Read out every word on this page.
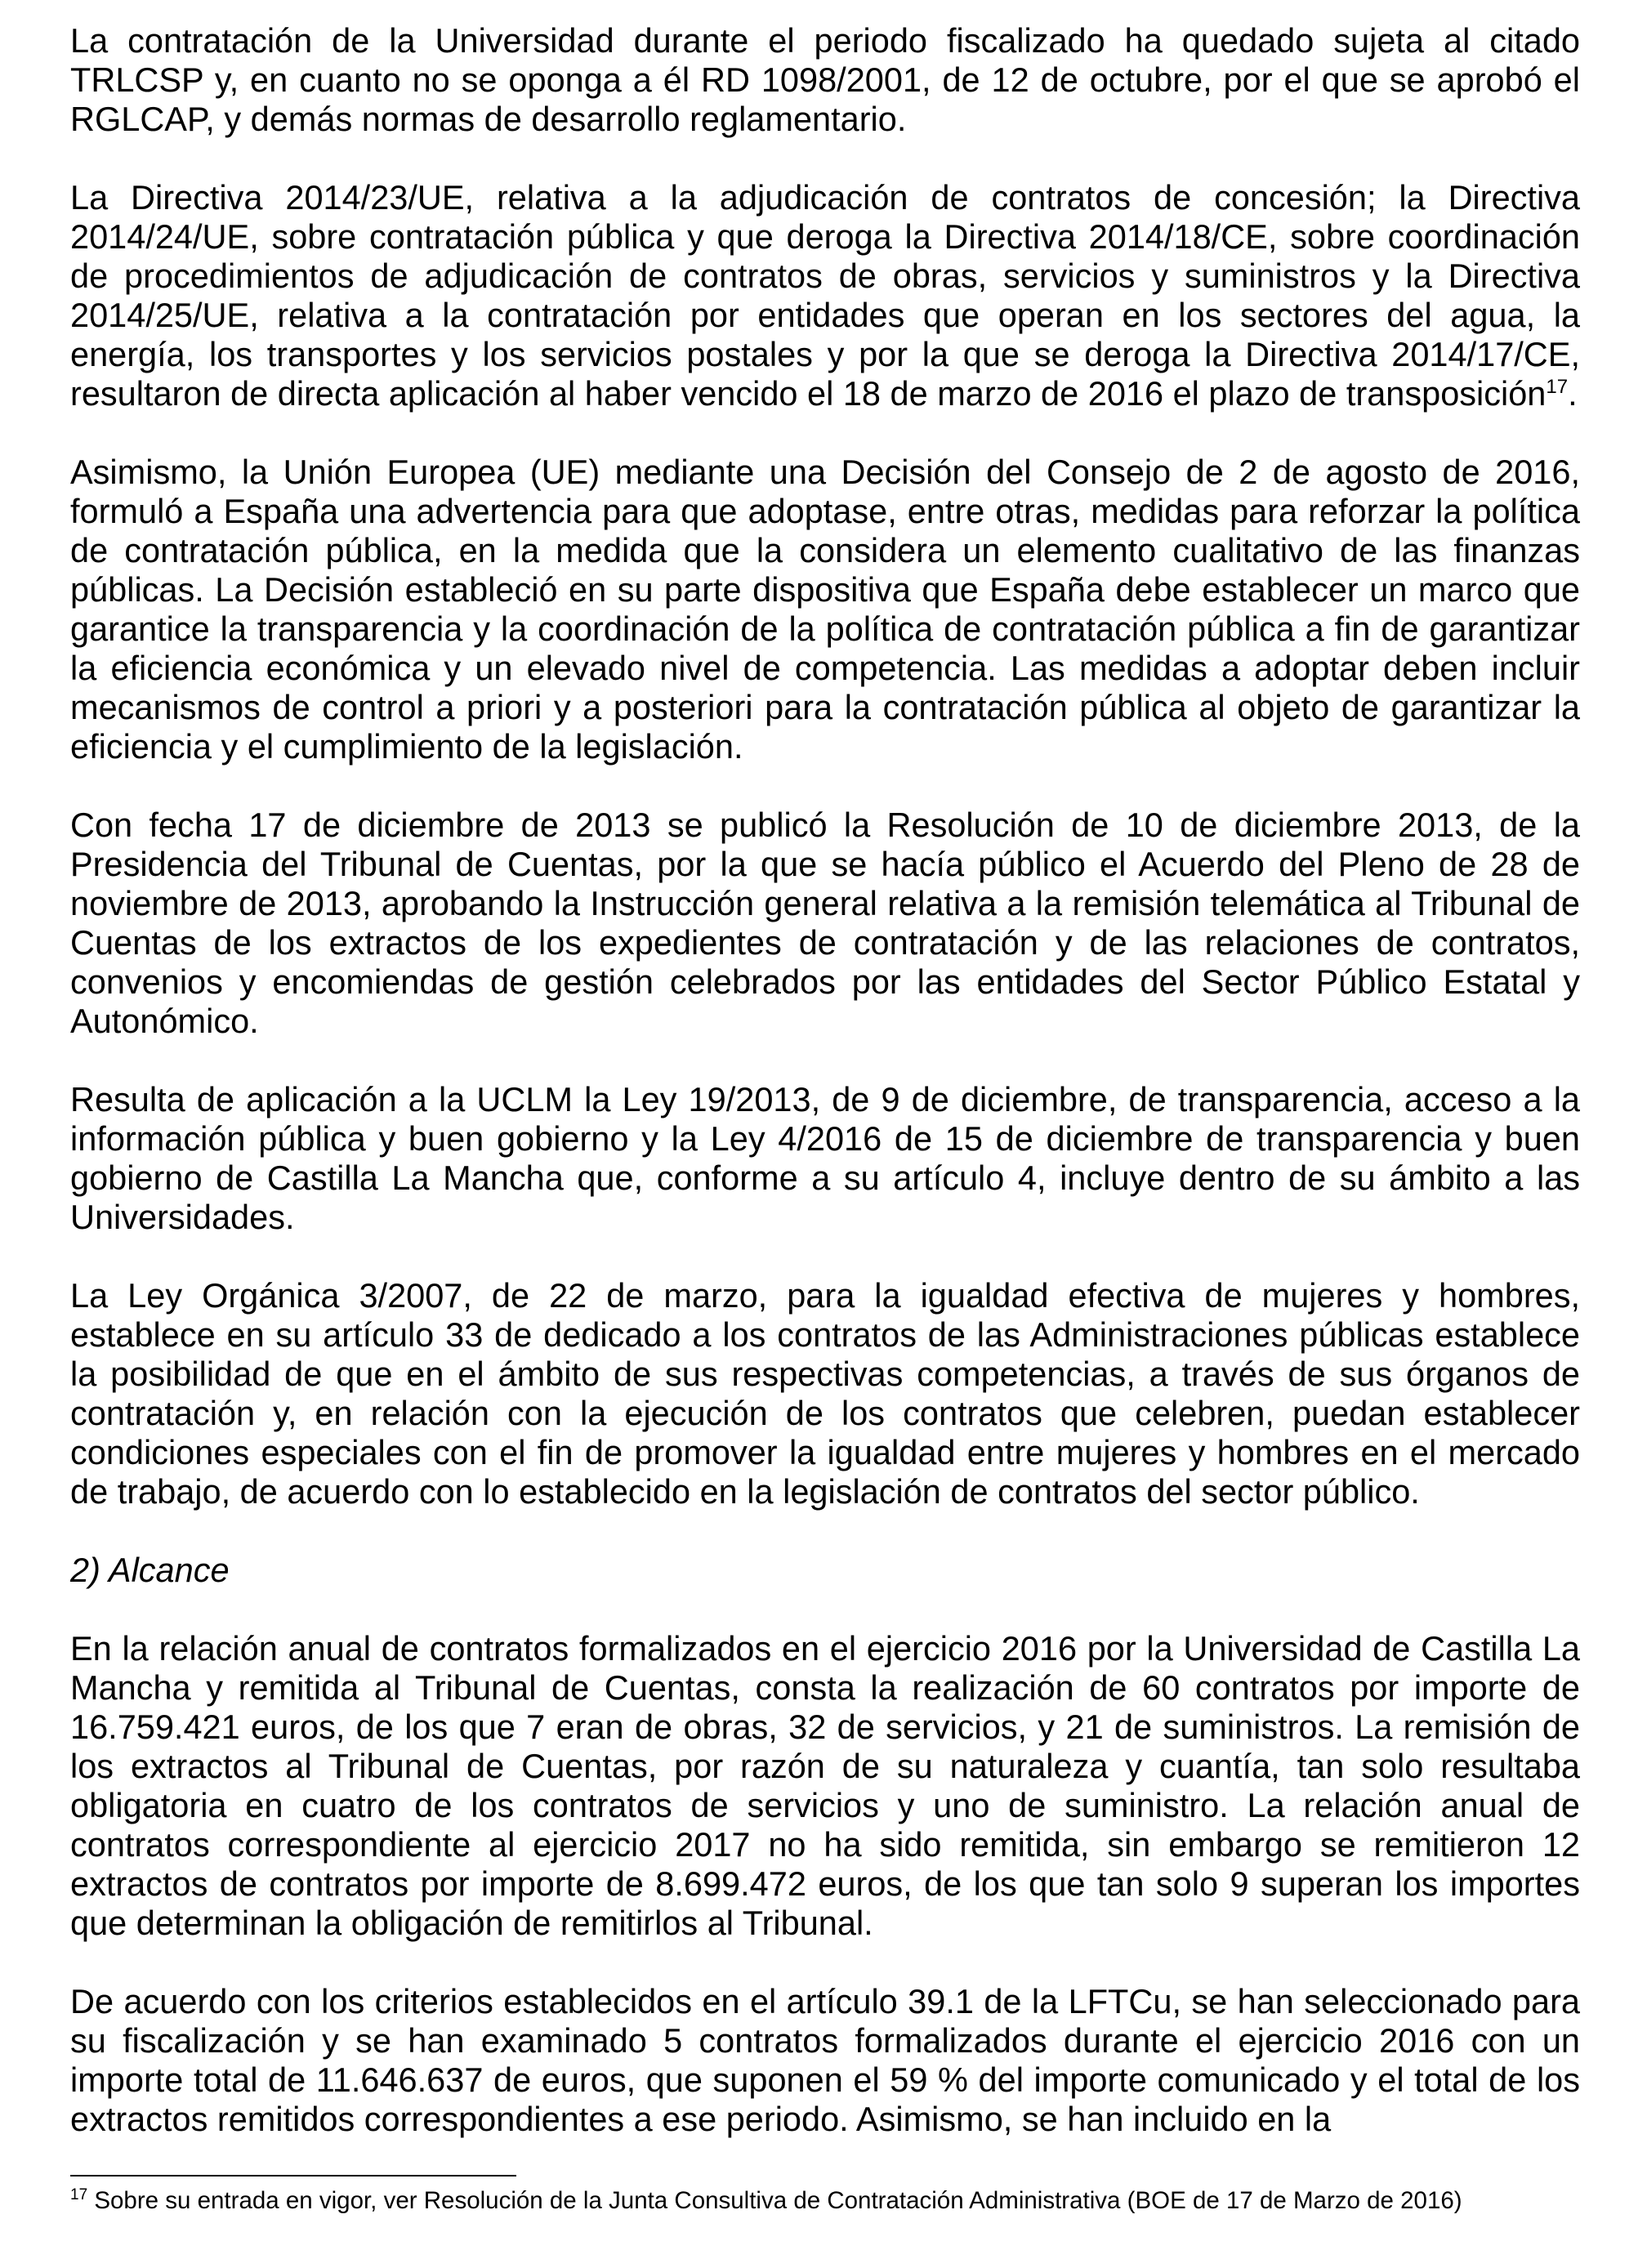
La contratación de la Universidad durante el periodo fiscalizado ha quedado sujeta al citado TRLCSP y, en cuanto no se oponga a él RD 1098/2001, de 12 de octubre, por el que se aprobó el RGLCAP, y demás normas de desarrollo reglamentario.

La Directiva 2014/23/UE, relativa a la adjudicación de contratos de concesión; la Directiva 2014/24/UE, sobre contratación pública y que deroga la Directiva 2014/18/CE, sobre coordinación de procedimientos de adjudicación de contratos de obras, servicios y suministros y la Directiva 2014/25/UE, relativa a la contratación por entidades que operan en los sectores del agua, la energía, los transportes y los servicios postales y por la que se deroga la Directiva 2014/17/CE, resultaron de directa aplicación al haber vencido el 18 de marzo de 2016 el plazo de transposición$^{17}$.

Asimismo, la Unión Europea (UE) mediante una Decisión del Consejo de 2 de agosto de 2016, formuló a España una advertencia para que adoptase, entre otras, medidas para reforzar la política de contratación pública, en la medida que la considera un elemento cualitativo de las finanzas públicas. La Decisión estableció en su parte dispositiva que España debe establecer un marco que garantice la transparencia y la coordinación de la política de contratación pública a fin de garantizar la eficiencia económica y un elevado nivel de competencia. Las medidas a adoptar deben incluir mecanismos de control a priori y a posteriori para la contratación pública al objeto de garantizar la eficiencia y el cumplimiento de la legislación.

Con fecha 17 de diciembre de 2013 se publicó la Resolución de 10 de diciembre 2013, de la Presidencia del Tribunal de Cuentas, por la que se hacía público el Acuerdo del Pleno de 28 de noviembre de 2013, aprobando la Instrucción general relativa a la remisión telemática al Tribunal de Cuentas de los extractos de los expedientes de contratación y de las relaciones de contratos, convenios y encomiendas de gestión celebrados por las entidades del Sector Público Estatal y Autonómico.

Resulta de aplicación a la UCLM la Ley 19/2013, de 9 de diciembre, de transparencia, acceso a la información pública y buen gobierno y la Ley 4/2016 de 15 de diciembre de transparencia y buen gobierno de Castilla La Mancha que, conforme a su artículo 4, incluye dentro de su ámbito a las Universidades.

La Ley Orgánica 3/2007, de 22 de marzo, para la igualdad efectiva de mujeres y hombres, establece en su artículo 33 de dedicado a los contratos de las Administraciones públicas establece la posibilidad de que en el ámbito de sus respectivas competencias, a través de sus órganos de contratación y, en relación con la ejecución de los contratos que celebren, puedan establecer condiciones especiales con el fin de promover la igualdad entre mujeres y hombres en el mercado de trabajo, de acuerdo con lo establecido en la legislación de contratos del sector público.

2) Alcance

En la relación anual de contratos formalizados en el ejercicio 2016 por la Universidad de Castilla La Mancha y remitida al Tribunal de Cuentas, consta la realización de 60 contratos por importe de 16.759.421 euros, de los que 7 eran de obras, 32 de servicios, y 21 de suministros. La remisión de los extractos al Tribunal de Cuentas, por razón de su naturaleza y cuantía, tan solo resultaba obligatoria en cuatro de los contratos de servicios y uno de suministro. La relación anual de contratos correspondiente al ejercicio 2017 no ha sido remitida, sin embargo se remitieron 12 extractos de contratos por importe de 8.699.472 euros, de los que tan solo 9 superan los importes que determinan la obligación de remitirlos al Tribunal.

De acuerdo con los criterios establecidos en el artículo 39.1 de la LFTCu, se han seleccionado para su fiscalización y se han examinado 5 contratos formalizados durante el ejercicio 2016 con un importe total de 11.646.637 de euros, que suponen el 59 % del importe comunicado y el total de los extractos remitidos correspondientes a ese periodo. Asimismo, se han incluido en la

$^{17}$ Sobre su entrada en vigor, ver Resolución de la Junta Consultiva de Contratación Administrativa (BOE de 17 de Marzo de 2016)
